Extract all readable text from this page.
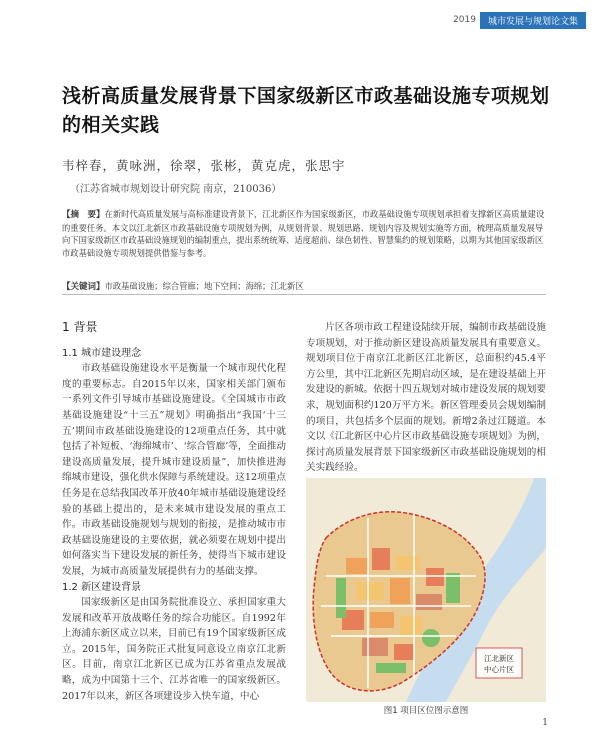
2019	城市发展与规划论文集
浅析高质量发展背景下国家级新区市政基础设施专项规划的相关实践
韦梓春，黄咏洲，徐翠，张彬，黄克虎，张思宇
（江苏省城市规划设计研究院 南京，210036）
【摘　要】在新时代高质量发展与高标准建设背景下，江北新区作为国家级新区，市政基础设施专项规划承担着支撑新区高质量建设的重要任务。本文以江北新区市政基础设施专项规划为例，从规划背景、规划思路、规划内容及规划实施等方面，梳理高质量发展导向下国家级新区市政基础设施规划的编制重点，提出系统统筹、适度超前、绿色韧性、智慧集约的规划策略，以期为其他国家级新区市政基础设施专项规划提供借鉴与参考。
【关键词】市政基础设施；综合管廊；地下空间；海绵；江北新区
1 背景
1.1 城市建设理念

市政基础设施建设水平是衡量一个城市现代化程度的重要标志。自2015年以来，国家相关部门颁布一系列文件引导城市基础设施建设。《全国城市市政基础设施建设“十三五”规划》明确指出“我国‘十三五’期间市政基础设施建设的12项重点任务，其中就包括了补短板、‘海绵城市’、‘综合管廊’等，全面推动建设高质量发展，提升城市建设质量”，加快推进海绵城市建设，强化供水保障与系统建设。这12项重点任务是在总结我国改革开放40年城市基础设施建设经验的基础上提出的，是未来城市建设发展的重点工作。市政基础设施规划与规划的衔接，是推动城市市政基础设施建设的主要依据，就必须要在规划中提出如何落实当下建设发展的新任务，使得当下城市建设发展，为城市高质量发展提供有力的基础支撑。

1.2 新区建设背景

国家级新区是由国务院批准设立、承担国家重大发展和改革开放战略任务的综合功能区。自1992年上海浦东新区成立以来，目前已有19个国家级新区成立。2015年，国务院正式批复同意设立南京江北新区。目前，南京江北新区已成为江苏省重点发展战略，成为中国第十三个、江苏省唯一的国家级新区。2017年以来，新区各项建设步入快车道，中心

片区各项市政工程建设陆续开展，编制市政基础设施专项规划，对于推动新区建设高质量发展具有重要意义。规划项目位于南京江北新区江北新区，总面积约45.4平方公里，其中江北新区先期启动区域，是在建设基础上开发建设的新城。依据十四五规划对城市建设发展的规划要求，规划面积约120万平方米。新区管理委员会规划编制的项目，共包括多个层面的规划。新增2条过江隧道。本文以《江北新区中心片区市政基础设施专项规划》为例，探讨高质量发展背景下国家级新区市政基础设施规划的相关实践经验。

江北新区
中心片区
图1 项目区位图示意图
1
